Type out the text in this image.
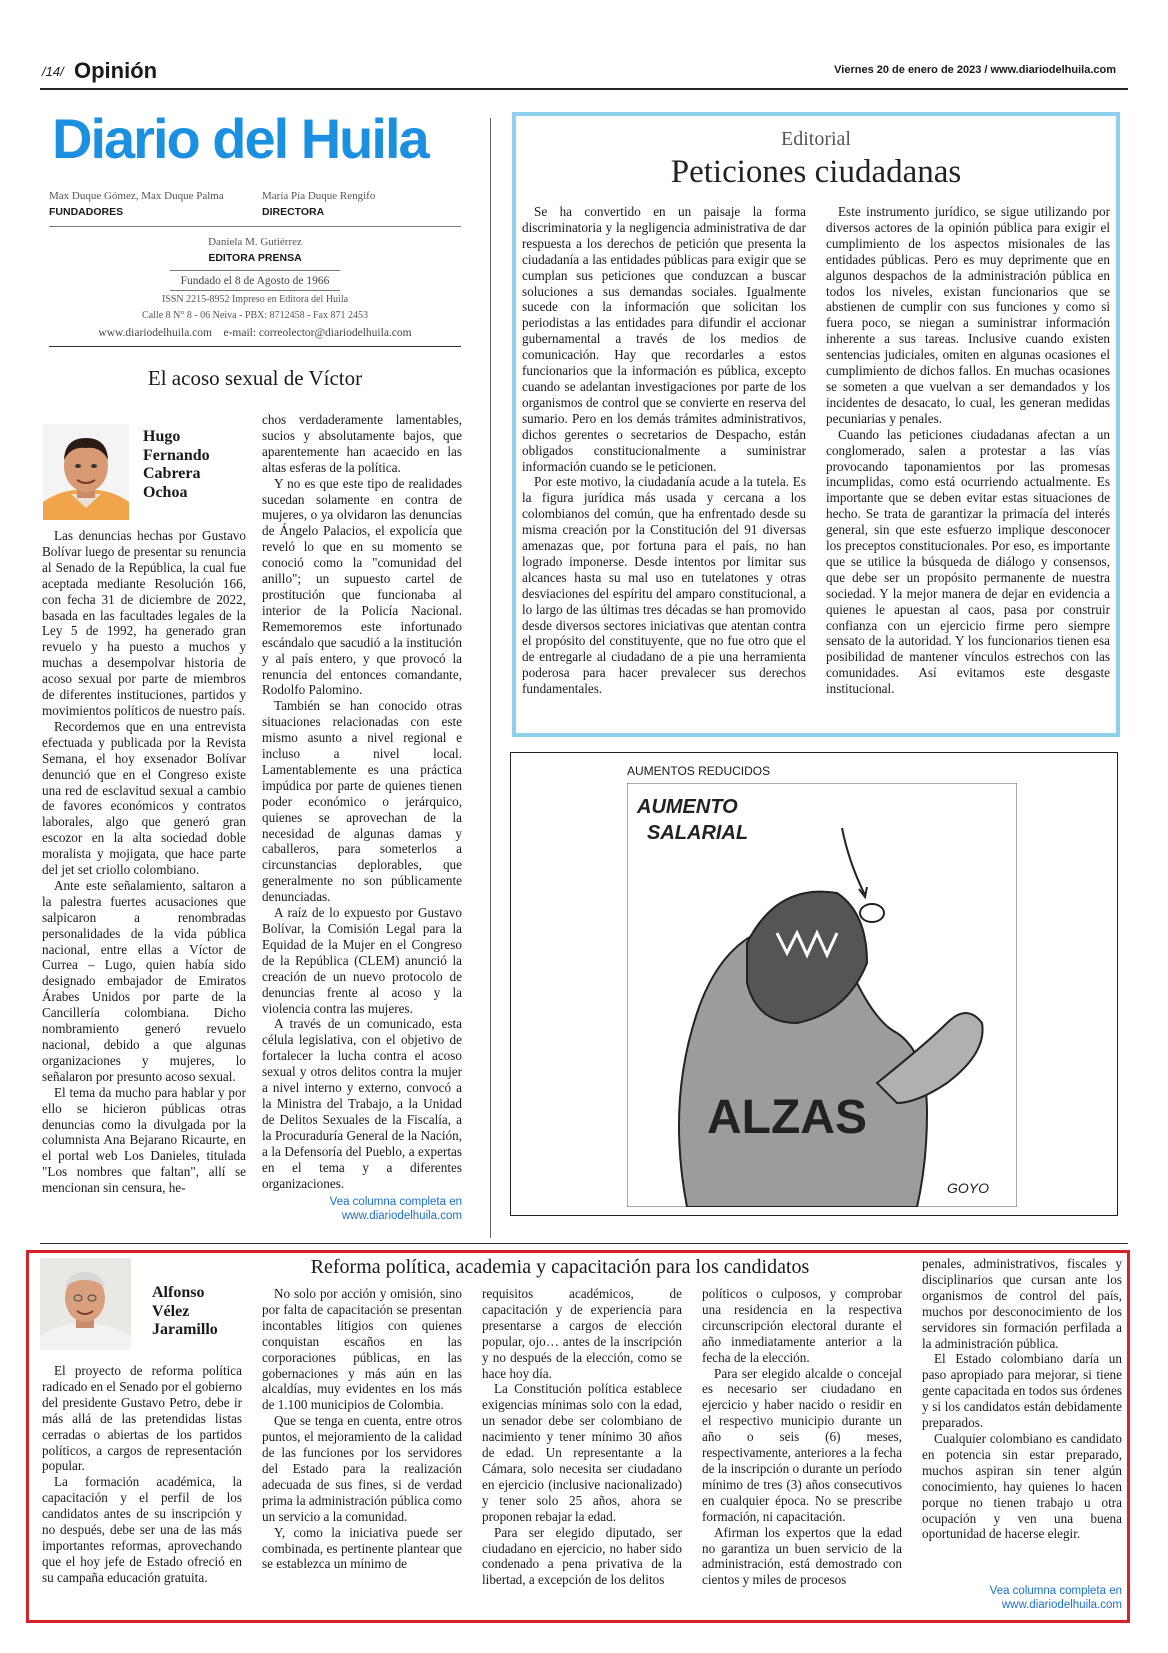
/14/ Opinión	Viernes 20 de enero de 2023 / www.diariodelhuila.com
Diario del Huila
Max Duque Gómez, Max Duque Palma
FUNDADORES
María Pía Duque Rengifo
DIRECTORA
Daniela M. Gutiérrez
EDITORA PRENSA
Fundado el 8 de Agosto de 1966
ISSN 2215-8952 Impreso en Editora del Huila
Calle 8 N° 8 - 06 Neiva - PBX: 8712458 - Fax 871 2453
www.diariodelhuila.com    e-mail: correolector@diariodelhuila.com
El acoso sexual de Víctor
Hugo
Fernando
Cabrera
Ochoa

Las denuncias hechas por Gustavo Bolívar luego de presentar su renuncia al Senado de la República, la cual fue aceptada mediante Resolución 166, con fecha 31 de diciembre de 2022, basada en las facultades legales de la Ley 5 de 1992, ha generado gran revuelo y ha puesto a muchos y muchas a desempolvar historia de acoso sexual por parte de miembros de diferentes instituciones, partidos y movimientos políticos de nuestro país.

Recordemos que en una entrevista efectuada y publicada por la Revista Semana, el hoy exsenador Bolívar denunció que en el Congreso existe una red de esclavitud sexual a cambio de favores económicos y contratos laborales, algo que generó gran escozor en la alta sociedad doble moralista y mojigata, que hace parte del jet set criollo colombiano.

Ante este señalamiento, saltaron a la palestra fuertes acusaciones que salpicaron a renombradas personalidades de la vida pública nacional, entre ellas a Víctor de Currea – Lugo, quien había sido designado embajador de Emiratos Árabes Unidos por parte de la Cancillería colombiana. Dicho nombramiento generó revuelo nacional, debido a que algunas organizaciones y mujeres, lo señalaron por presunto acoso sexual.

El tema da mucho para hablar y por ello se hicieron públicas otras denuncias como la divulgada por la columnista Ana Bejarano Ricaurte, en el portal web Los Danieles, titulada "Los nombres que faltan", allí se mencionan sin censura, he-

chos verdaderamente lamentables, sucios y absolutamente bajos, que aparentemente han acaecido en las altas esferas de la política.

Y no es que este tipo de realidades sucedan solamente en contra de mujeres, o ya olvidaron las denuncias de Ángelo Palacios, el expolicía que reveló lo que en su momento se conoció como la "comunidad del anillo"; un supuesto cartel de prostitución que funcionaba al interior de la Policía Nacional. Rememoremos este infortunado escándalo que sacudió a la institución y al país entero, y que provocó la renuncia del entonces comandante, Rodolfo Palomino.

También se han conocido otras situaciones relacionadas con este mismo asunto a nivel regional e incluso a nivel local. Lamentablemente es una práctica impúdica por parte de quienes tienen poder económico o jerárquico, quienes se aprovechan de la necesidad de algunas damas y caballeros, para someterlos a circunstancias deplorables, que generalmente no son públicamente denunciadas.

A raíz de lo expuesto por Gustavo Bolívar, la Comisión Legal para la Equidad de la Mujer en el Congreso de la República (CLEM) anunció la creación de un nuevo protocolo de denuncias frente al acoso y la violencia contra las mujeres.

A través de un comunicado, esta célula legislativa, con el objetivo de fortalecer la lucha contra el acoso sexual y otros delitos contra la mujer a nivel interno y externo, convocó a la Ministra del Trabajo, a la Unidad de Delitos Sexuales de la Fiscalía, a la Procuraduría General de la Nación, a la Defensoría del Pueblo, a expertas en el tema y a diferentes organizaciones.

Vea columna completa en
www.diariodelhuila.com
Editorial
Peticiones ciudadanas

Se ha convertido en un paisaje la forma discriminatoria y la negligencia administrativa de dar respuesta a los derechos de petición que presenta la ciudadanía a las entidades públicas para exigir que se cumplan sus peticiones que conduzcan a buscar soluciones a sus demandas sociales. Igualmente sucede con la información que solicitan los periodistas a las entidades para difundir el accionar gubernamental a través de los medios de comunicación. Hay que recordarles a estos funcionarios que la información es pública, excepto cuando se adelantan investigaciones por parte de los organismos de control que se convierte en reserva del sumario. Pero en los demás trámites administrativos, dichos gerentes o secretarios de Despacho, están obligados constitucionalmente a suministrar información cuando se le peticionen.

Por este motivo, la ciudadanía acude a la tutela. Es la figura jurídica más usada y cercana a los colombianos del común, que ha enfrentado desde su misma creación por la Constitución del 91 diversas amenazas que, por fortuna para el país, no han logrado imponerse. Desde intentos por limitar sus alcances hasta su mal uso en tutelatones y otras desviaciones del espíritu del amparo constitucional, a lo largo de las últimas tres décadas se han promovido desde diversos sectores iniciativas que atentan contra el propósito del constituyente, que no fue otro que el de entregarle al ciudadano de a pie una herramienta poderosa para hacer prevalecer sus derechos fundamentales.

Este instrumento jurídico, se sigue utilizando por diversos actores de la opinión pública para exigir el cumplimiento de los aspectos misionales de las entidades públicas. Pero es muy deprimente que en algunos despachos de la administración pública en todos los niveles, existan funcionarios que se abstienen de cumplir con sus funciones y como si fuera poco, se niegan a suministrar información inherente a sus tareas. Inclusive cuando existen sentencias judiciales, omiten en algunas ocasiones el cumplimiento de dichos fallos. En muchas ocasiones se someten a que vuelvan a ser demandados y los incidentes de desacato, lo cual, les generan medidas pecuniarias y penales.

Cuando las peticiones ciudadanas afectan a un conglomerado, salen a protestar a las vías provocando taponamientos por las promesas incumplidas, como está ocurriendo actualmente. Es importante que se deben evitar estas situaciones de hecho. Se trata de garantizar la primacía del interés general, sin que este esfuerzo implique desconocer los preceptos constitucionales. Por eso, es importante que se utilice la búsqueda de diálogo y consensos, que debe ser un propósito permanente de nuestra sociedad. Y la mejor manera de dejar en evidencia a quienes le apuestan al caos, pasa por construir confianza con un ejercicio firme pero siempre sensato de la autoridad. Y los funcionarios tienen esa posibilidad de mantener vínculos estrechos con las comunidades. Así evitamos este desgaste institucional.

AUMENTOS REDUCIDOS
AUMENTO
SALARIAL
ALZAS
GOYO
Reforma política, academia y capacitación para los candidatos
Alfonso
Vélez
Jaramillo

El proyecto de reforma política radicado en el Senado por el gobierno del presidente Gustavo Petro, debe ir más allá de las pretendidas listas cerradas o abiertas de los partidos políticos, a cargos de representación popular.

La formación académica, la capacitación y el perfil de los candidatos antes de su inscripción y no después, debe ser una de las más importantes reformas, aprovechando que el hoy jefe de Estado ofreció en su campaña educación gratuita.

No solo por acción y omisión, sino por falta de capacitación se presentan incontables litigios con quienes conquistan escaños en las corporaciones públicas, en las gobernaciones y más aún en las alcaldías, muy evidentes en los más de 1.100 municipios de Colombia.

Que se tenga en cuenta, entre otros puntos, el mejoramiento de la calidad de las funciones por los servidores del Estado para la realización adecuada de sus fines, si de verdad prima la administración pública como un servicio a la comunidad.

Y, como la iniciativa puede ser combinada, es pertinente plantear que se establezca un mínimo de

requisitos académicos, de capacitación y de experiencia para presentarse a cargos de elección popular, ojo… antes de la inscripción y no después de la elección, como se hace hoy día.

La Constitución política establece exigencias mínimas solo con la edad, un senador debe ser colombiano de nacimiento y tener mínimo 30 años de edad. Un representante a la Cámara, solo necesita ser ciudadano en ejercicio (inclusive nacionalizado) y tener solo 25 años, ahora se proponen rebajar la edad.

Para ser elegido diputado, ser ciudadano en ejercicio, no haber sido condenado a pena privativa de la libertad, a excepción de los delitos

políticos o culposos, y comprobar una residencia en la respectiva circunscripción electoral durante el año inmediatamente anterior a la fecha de la elección.

Para ser elegido alcalde o concejal es necesario ser ciudadano en ejercicio y haber nacido o residir en el respectivo municipio durante un año o seis (6) meses, respectivamente, anteriores a la fecha de la inscripción o durante un período mínimo de tres (3) años consecutivos en cualquier época. No se prescribe formación, ni capacitación.

Afirman los expertos que la edad no garantiza un buen servicio de la administración, está demostrado con cientos y miles de procesos

penales, administrativos, fiscales y disciplinarios que cursan ante los organismos de control del país, muchos por desconocimiento de los servidores sin formación perfilada a la administración pública.

El Estado colombiano daría un paso apropiado para mejorar, si tiene gente capacitada en todos sus órdenes y si los candidatos están debidamente preparados.

Cualquier colombiano es candidato en potencia sin estar preparado, muchos aspiran sin tener algún conocimiento, hay quienes lo hacen porque no tienen trabajo u otra ocupación y ven una buena oportunidad de hacerse elegir.

Vea columna completa en
www.diariodelhuila.com
